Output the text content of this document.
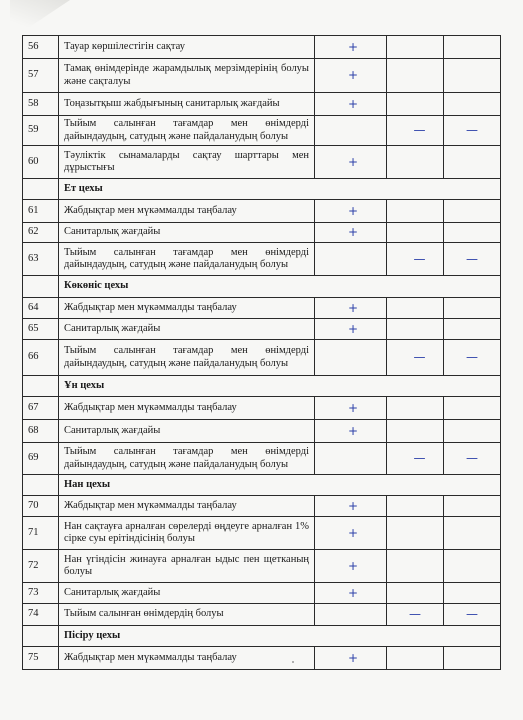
56	Тауар көршілестігін сақтау	+		
57	Тамақ өнімдерінде жарамдылық мерзімдерінің болуы және сақталуы	+		
58	Тоңазытқыш жабдығының санитарлық жағдайы	+		
59	Тыйым салынған тағамдар мен өнімдерді дайындаудың, сатудың және пайдаланудың болуы		—	—
60	Тәуліктік сынамаларды сақтау шарттары мен дұрыстығы	+		
	Ет цехы			
61	Жабдықтар мен мүкәммалды таңбалау	+		
62	Санитарлық жағдайы	+		
63	Тыйым салынған тағамдар мен өнімдерді дайындаудың, сатудың және пайдаланудың болуы		—	—
	Көкөніс цехы			
64	Жабдықтар мен мүкәммалды таңбалау	+		
65	Санитарлық жағдайы	+		
66	Тыйым салынған тағамдар мен өнімдерді дайындаудың, сатудың және пайдаланудың болуы		—	—
	Ұн цехы			
67	Жабдықтар мен мүкәммалды таңбалау	+		
68	Санитарлық жағдайы	+		
69	Тыйым салынған тағамдар мен өнімдерді дайындаудың, сатудың және пайдаланудың болуы		—	—
	Нан цехы			
70	Жабдықтар мен мүкәммалды таңбалау	+		
71	Нан сақтауға арналған сөрелерді өңдеуге арналған 1% сірке суы ерітіндісінің болуы	+		
72	Нан үгіндісін жинауға арналған ыдыс пен щетканың болуы	+		
73	Санитарлық жағдайы	+		
74	Тыйым салынған өнімдердің болуы		—	—
	Пісіру цехы			
75	Жабдықтар мен мүкәммалды таңбалау	+		
